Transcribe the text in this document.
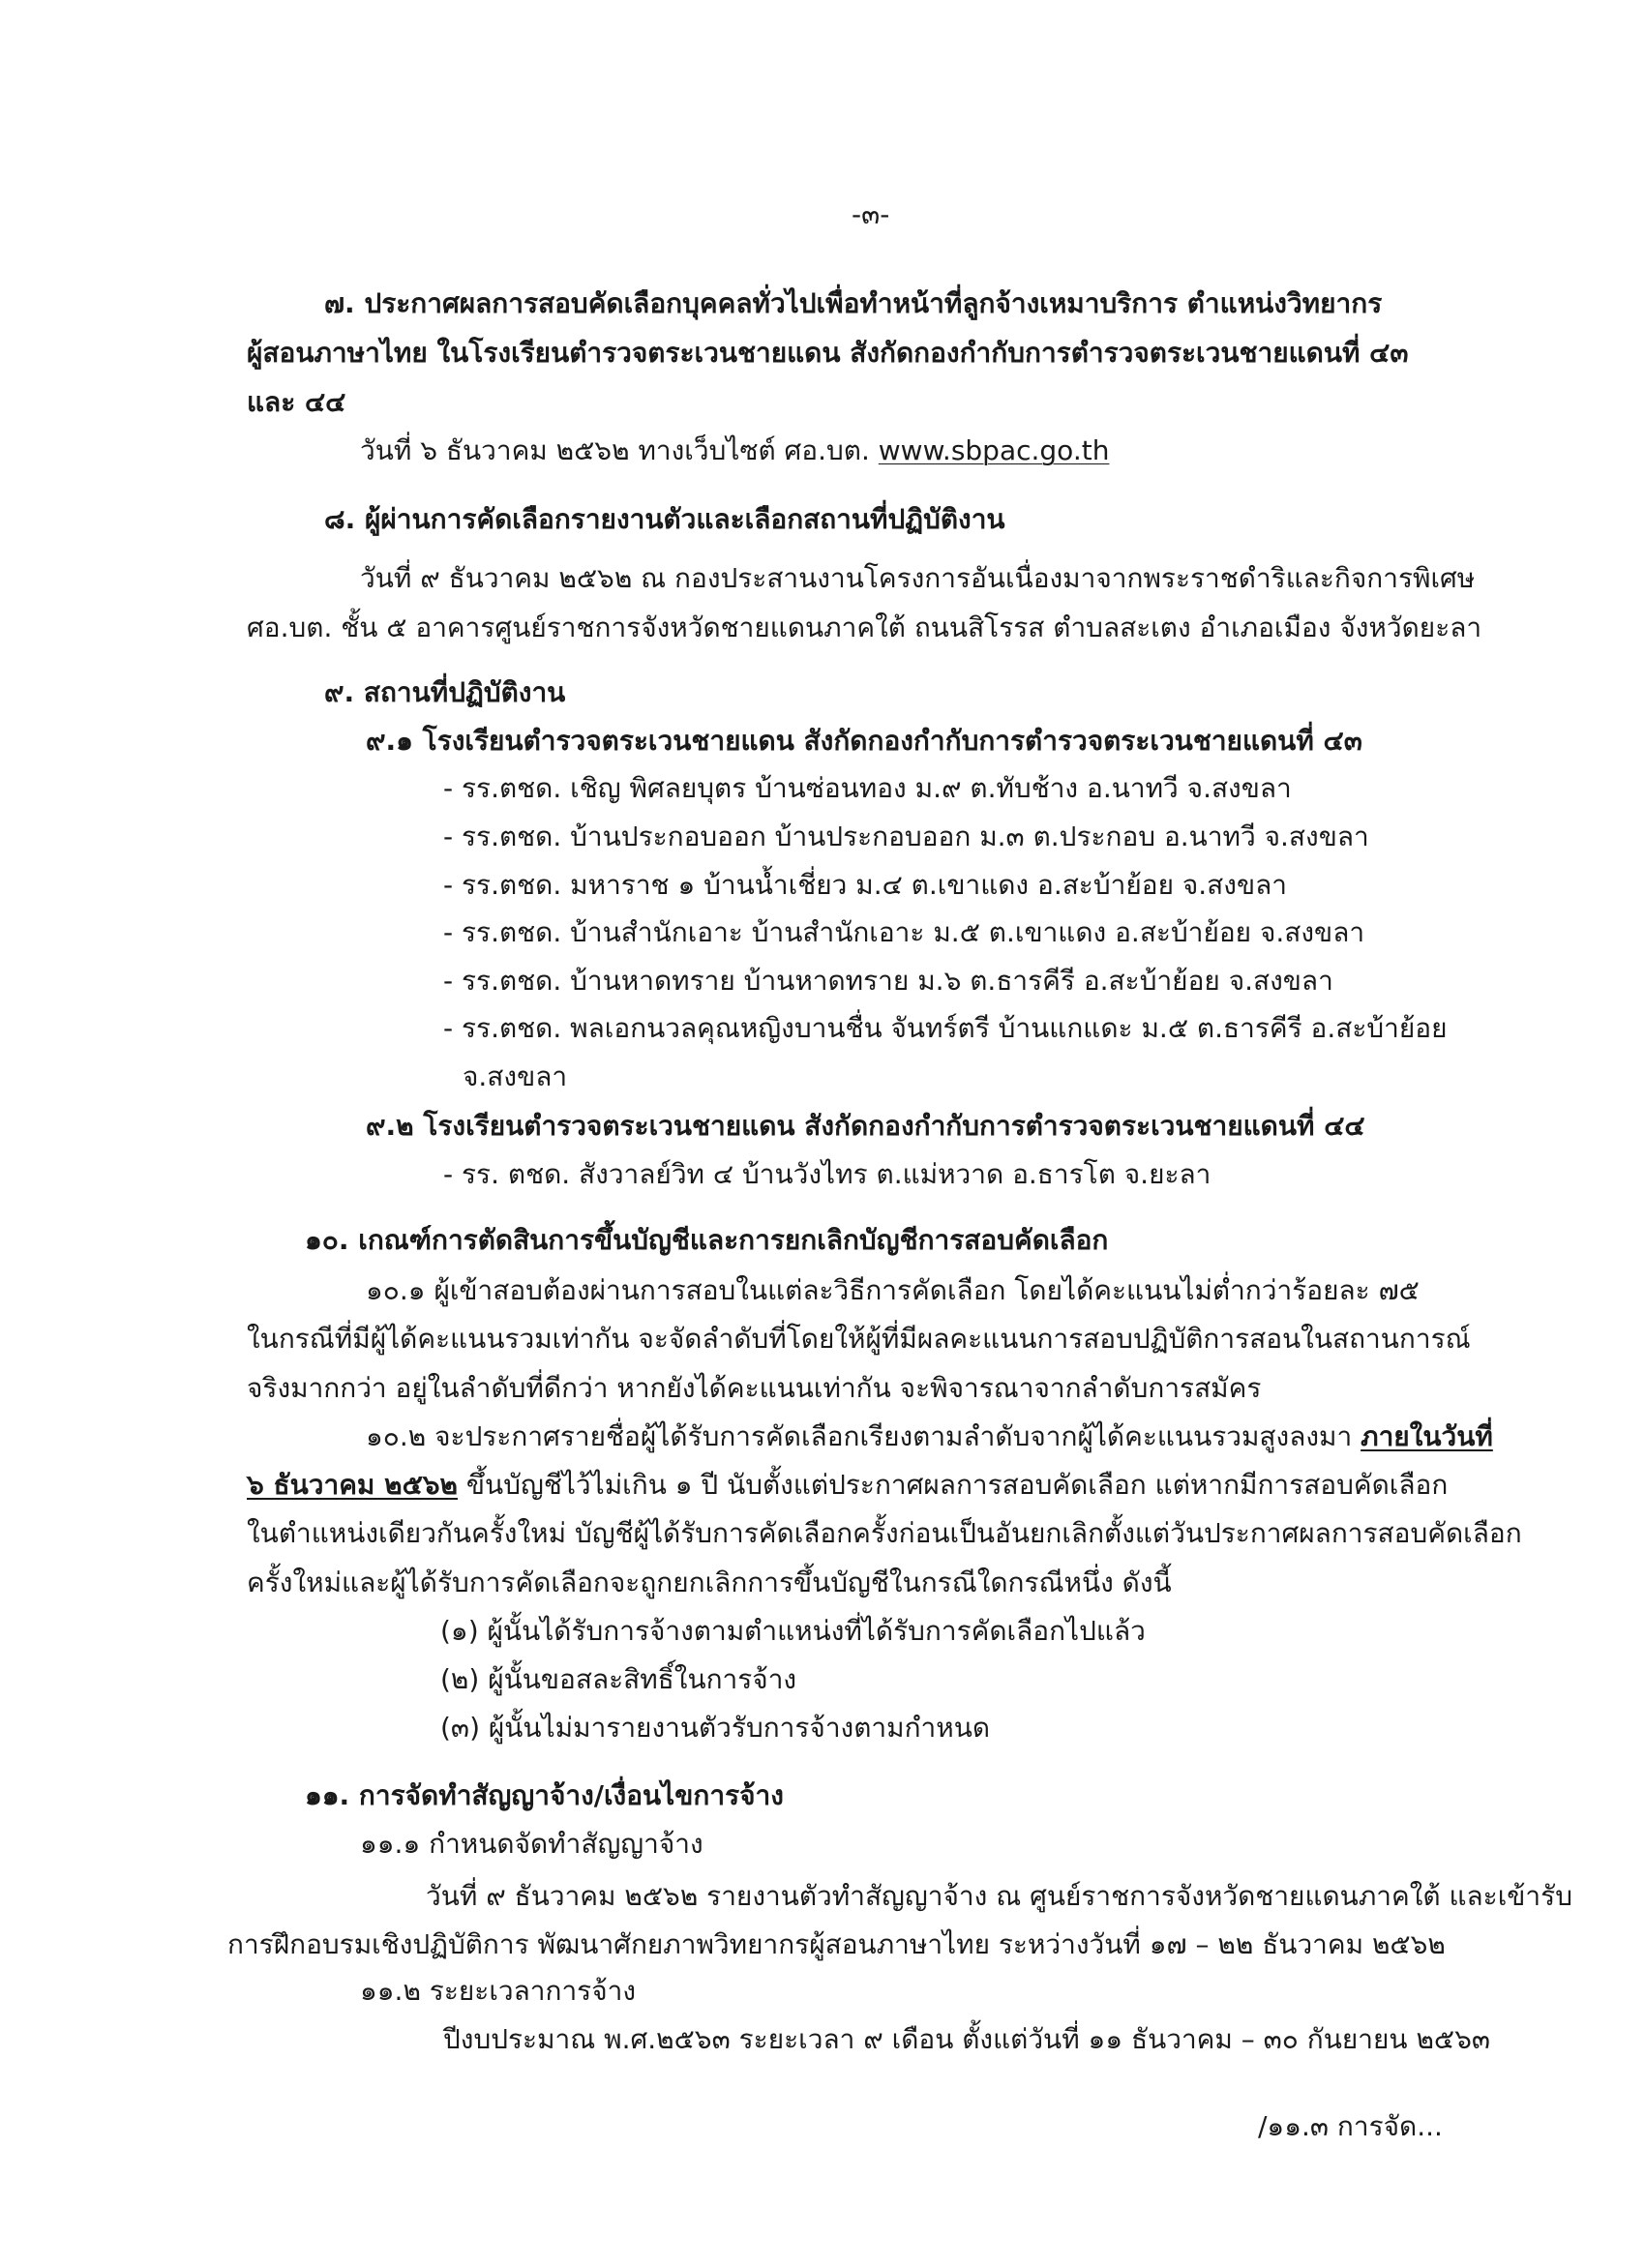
-๓-
๗. ประกาศผลการสอบคัดเลือกบุคคลทั่วไปเพื่อทำหน้าที่ลูกจ้างเหมาบริการ ตำแหน่งวิทยากร
ผู้สอนภาษาไทย ในโรงเรียนตำรวจตระเวนชายแดน สังกัดกองกำกับการตำรวจตระเวนชายแดนที่ ๔๓
และ ๔๔
วันที่ ๖ ธันวาคม ๒๕๖๒ ทางเว็บไซต์ ศอ.บต. www.sbpac.go.th
๘. ผู้ผ่านการคัดเลือกรายงานตัวและเลือกสถานที่ปฏิบัติงาน
วันที่ ๙ ธันวาคม ๒๕๖๒ ณ กองประสานงานโครงการอันเนื่องมาจากพระราชดำริและกิจการพิเศษ
ศอ.บต. ชั้น ๕ อาคารศูนย์ราชการจังหวัดชายแดนภาคใต้ ถนนสิโรรส ตำบลสะเตง อำเภอเมือง จังหวัดยะลา
๙. สถานที่ปฏิบัติงาน
๙.๑ โรงเรียนตำรวจตระเวนชายแดน สังกัดกองกำกับการตำรวจตระเวนชายแดนที่ ๔๓
- รร.ตชด. เชิญ พิศลยบุตร บ้านซ่อนทอง ม.๙ ต.ทับช้าง อ.นาทวี จ.สงขลา
- รร.ตชด. บ้านประกอบออก บ้านประกอบออก ม.๓ ต.ประกอบ อ.นาทวี จ.สงขลา
- รร.ตชด. มหาราช ๑ บ้านน้ำเชี่ยว ม.๔ ต.เขาแดง อ.สะบ้าย้อย จ.สงขลา
- รร.ตชด. บ้านสำนักเอาะ บ้านสำนักเอาะ ม.๕ ต.เขาแดง อ.สะบ้าย้อย จ.สงขลา
- รร.ตชด. บ้านหาดทราย บ้านหาดทราย ม.๖ ต.ธารคีรี อ.สะบ้าย้อย จ.สงขลา
- รร.ตชด. พลเอกนวลคุณหญิงบานชื่น จันทร์ตรี บ้านแกแดะ ม.๕ ต.ธารคีรี อ.สะบ้าย้อย
จ.สงขลา
๙.๒ โรงเรียนตำรวจตระเวนชายแดน สังกัดกองกำกับการตำรวจตระเวนชายแดนที่ ๔๔
- รร. ตชด. สังวาลย์วิท ๔ บ้านวังไทร ต.แม่หวาด อ.ธารโต จ.ยะลา
๑๐. เกณฑ์การตัดสินการขึ้นบัญชีและการยกเลิกบัญชีการสอบคัดเลือก
๑๐.๑ ผู้เข้าสอบต้องผ่านการสอบในแต่ละวิธีการคัดเลือก โดยได้คะแนนไม่ต่ำกว่าร้อยละ ๗๕
ในกรณีที่มีผู้ได้คะแนนรวมเท่ากัน จะจัดลำดับที่โดยให้ผู้ที่มีผลคะแนนการสอบปฏิบัติการสอนในสถานการณ์
จริงมากกว่า อยู่ในลำดับที่ดีกว่า หากยังได้คะแนนเท่ากัน จะพิจารณาจากลำดับการสมัคร
๑๐.๒ จะประกาศรายชื่อผู้ได้รับการคัดเลือกเรียงตามลำดับจากผู้ได้คะแนนรวมสูงลงมา ภายในวันที่
๖ ธันวาคม ๒๕๖๒ ขึ้นบัญชีไว้ไม่เกิน ๑ ปี นับตั้งแต่ประกาศผลการสอบคัดเลือก แต่หากมีการสอบคัดเลือก
ในตำแหน่งเดียวกันครั้งใหม่ บัญชีผู้ได้รับการคัดเลือกครั้งก่อนเป็นอันยกเลิกตั้งแต่วันประกาศผลการสอบคัดเลือก
ครั้งใหม่และผู้ได้รับการคัดเลือกจะถูกยกเลิกการขึ้นบัญชีในกรณีใดกรณีหนึ่ง ดังนี้
(๑) ผู้นั้นได้รับการจ้างตามตำแหน่งที่ได้รับการคัดเลือกไปแล้ว
(๒) ผู้นั้นขอสละสิทธิ์ในการจ้าง
(๓) ผู้นั้นไม่มารายงานตัวรับการจ้างตามกำหนด
๑๑. การจัดทำสัญญาจ้าง/เงื่อนไขการจ้าง
๑๑.๑ กำหนดจัดทำสัญญาจ้าง
วันที่ ๙ ธันวาคม ๒๕๖๒ รายงานตัวทำสัญญาจ้าง ณ ศูนย์ราชการจังหวัดชายแดนภาคใต้ และเข้ารับ
การฝึกอบรมเชิงปฏิบัติการ พัฒนาศักยภาพวิทยากรผู้สอนภาษาไทย ระหว่างวันที่ ๑๗ – ๒๒ ธันวาคม ๒๕๖๒
๑๑.๒ ระยะเวลาการจ้าง
ปีงบประมาณ พ.ศ.๒๕๖๓ ระยะเวลา ๙ เดือน ตั้งแต่วันที่ ๑๑ ธันวาคม – ๓๐ กันยายน ๒๕๖๓
/๑๑.๓ การจัด...
